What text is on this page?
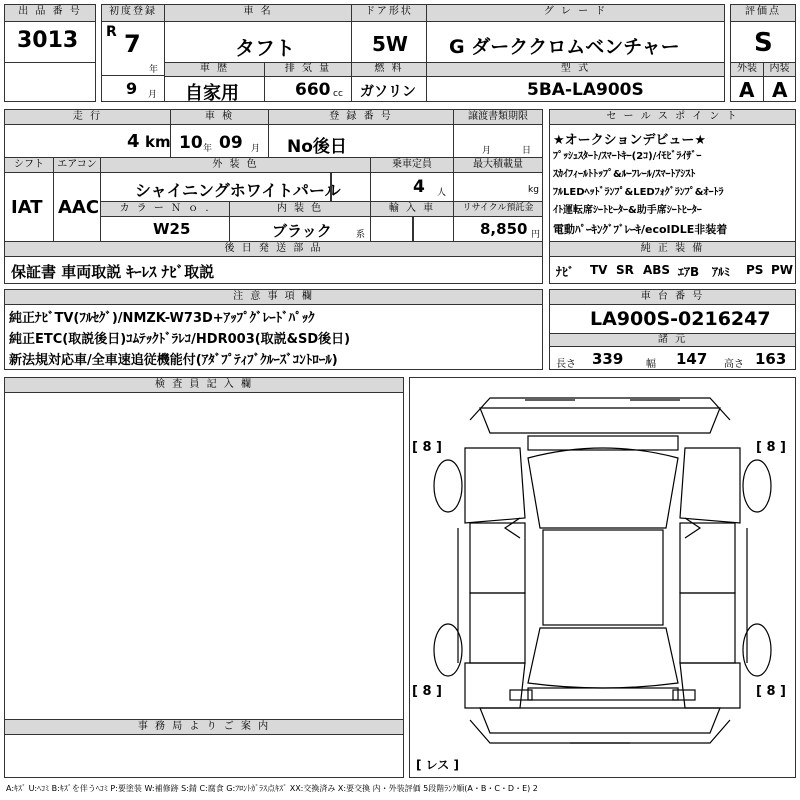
出 品 番 号
3013
初度登録
R 7
年
9 月
車 名
タフト
ドア形状
5W
グ レ ー ド
G ダーククロムベンチャー
評価点
S
車 歴
自家用
排 気 量
660 cc
燃 料
ガソリン
型 式
5BA-LA900S
外装	内装
A A
走 行
4 km
車 検
10 年 09 月
登 録 番 号
No後日
譲渡書類期限
月	日
シフト	エアコン
IAT AAC
外 装 色
シャイニングホワイトパール
乗車定員
4 人
最大積載量
kg
カ ラ ー Ｎ ｏ .
W25
内 装 色
ブラック	系
輸 入 車	リサイクル預託金
8,850 円
後 日 発 送 部 品
保証書 車両取説 ｷｰﾚｽ ﾅﾋﾞ取説
セ ー ル ス ポ イ ン ト
★オークションデビュー★
ﾌﾟｯｼｭｽﾀｰﾄ/ｽﾏｰﾄｷｰ(2ｺ)/ｲﾓﾋﾞﾗｲｻﾞｰ
ｽｶｲﾌｨｰﾙﾄﾄｯﾌﾟ&ﾙｰﾌﾚｰﾙ/ｽﾏｰﾄｱｼｽﾄ
ﾌﾙLEDﾍｯﾄﾞﾗﾝﾌﾟ&LEDﾌｫｸﾞﾗﾝﾌﾟ&ｵｰﾄﾗ
ｲﾄ運転席ｼｰﾄﾋｰﾀｰ&助手席ｼｰﾄﾋｰﾀｰ
電動ﾊﾟｰｷﾝｸﾞﾌﾞﾚｰｷ/ecoIDLE非装着
純 正 装 備
ﾅﾋﾞ TV SR ABS ｴｱB ｱﾙﾐ PS PW
注 意 事 項 欄
純正ﾅﾋﾞTV(ﾌﾙｾｸﾞ)/NMZK-W73D+ｱｯﾌﾟｸﾞﾚｰﾄﾞﾊﾟｯｸ
純正ETC(取説後日)ｺﾑﾃｯｸﾄﾞﾗﾚｺ/HDR003(取説&SD後日)
新法規対応車/全車速追従機能付(ｱﾀﾞﾌﾟﾃｨﾌﾞｸﾙｰｽﾞｺﾝﾄﾛｰﾙ)
車 台 番 号
LA900S-0216247
諸 元
長さ 339 幅 147 高さ 163
検 査 員 記 入 欄
事 務 局 よ り ご 案 内
[ 8 ]	[ 8 ]
[ 8 ]	[ 8 ]
[ レス ]
A:ｷｽﾞ U:ﾍｺﾐ B:ｷｽﾞを伴うﾍｺﾐ P:要塗装 W:補修跡 S:錆 C:腐食 G:ﾌﾛﾝﾄｶﾞﾗｽ点ｷｽﾞ XX:交換済み X:要交換 内・外装評価 5段階ﾗﾝｸ順(A・B・C・D・E) 2
